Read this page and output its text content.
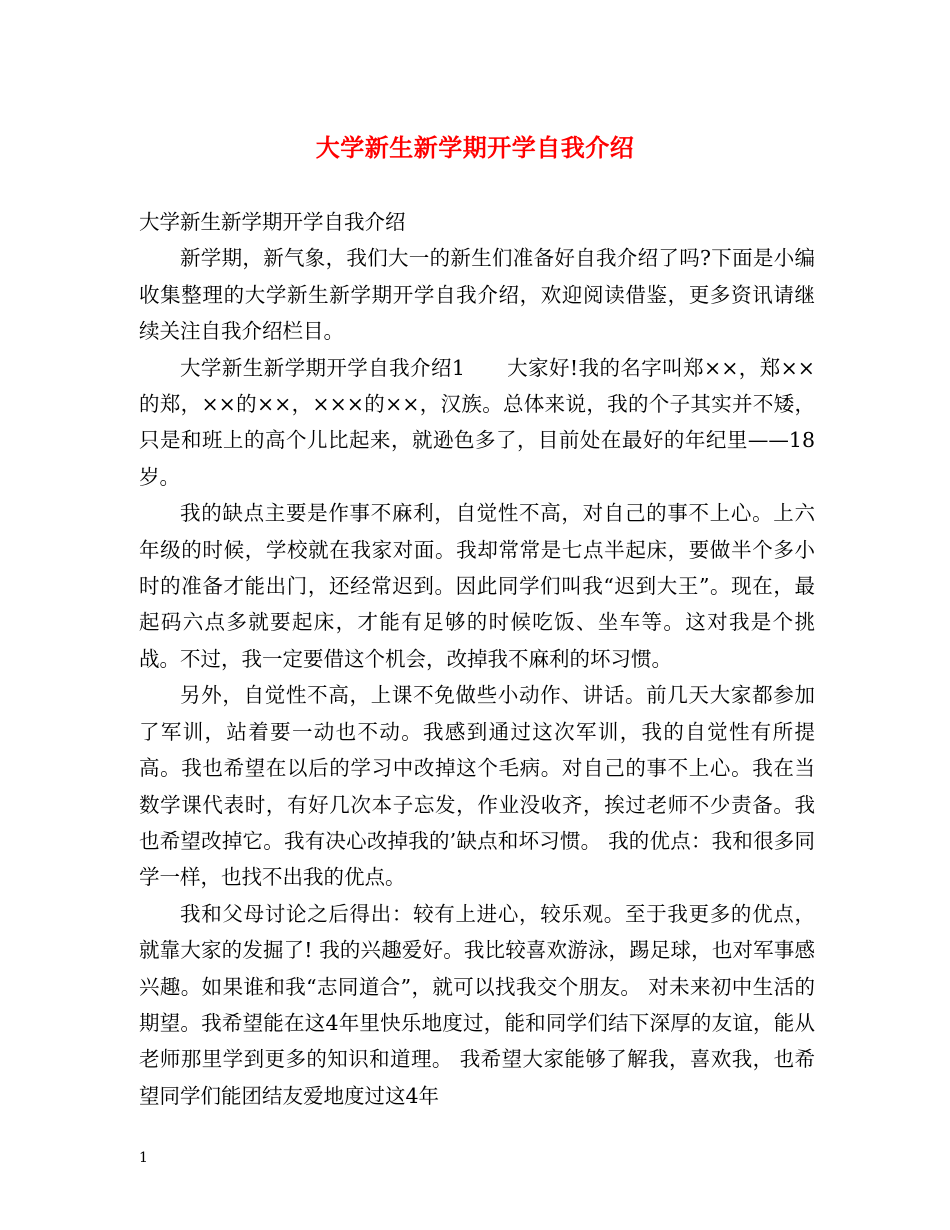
大学新生新学期开学自我介绍

大学新生新学期开学自我介绍

新学期，新气象，我们大一的新生们准备好自我介绍了吗?下面是小编收集整理的大学新生新学期开学自我介绍，欢迎阅读借鉴，更多资讯请继续关注自我介绍栏目。

大学新生新学期开学自我介绍1　　大家好!我的名字叫郑××，郑××的郑，××的××，×××的××，汉族。总体来说，我的个子其实并不矮，只是和班上的高个儿比起来，就逊色多了，目前处在最好的年纪里——18岁。

我的缺点主要是作事不麻利，自觉性不高，对自己的事不上心。上六年级的时候，学校就在我家对面。我却常常是七点半起床，要做半个多小时的准备才能出门，还经常迟到。因此同学们叫我“迟到大王”。现在，最起码六点多就要起床，才能有足够的时候吃饭、坐车等。这对我是个挑战。不过，我一定要借这个机会，改掉我不麻利的坏习惯。

另外，自觉性不高，上课不免做些小动作、讲话。前几天大家都参加了军训，站着要一动也不动。我感到通过这次军训，我的自觉性有所提高。我也希望在以后的学习中改掉这个毛病。对自己的事不上心。我在当数学课代表时，有好几次本子忘发，作业没收齐，挨过老师不少责备。我也希望改掉它。我有决心改掉我的’缺点和坏习惯。 我的优点：我和很多同学一样，也找不出我的优点。

我和父母讨论之后得出：较有上进心，较乐观。至于我更多的优点，就靠大家的发掘了! 我的兴趣爱好。我比较喜欢游泳，踢足球，也对军事感兴趣。如果谁和我“志同道合”，就可以找我交个朋友。 对未来初中生活的期望。我希望能在这4年里快乐地度过，能和同学们结下深厚的友谊，能从老师那里学到更多的知识和道理。 我希望大家能够了解我，喜欢我，也希望同学们能团结友爱地度过这4年

1
